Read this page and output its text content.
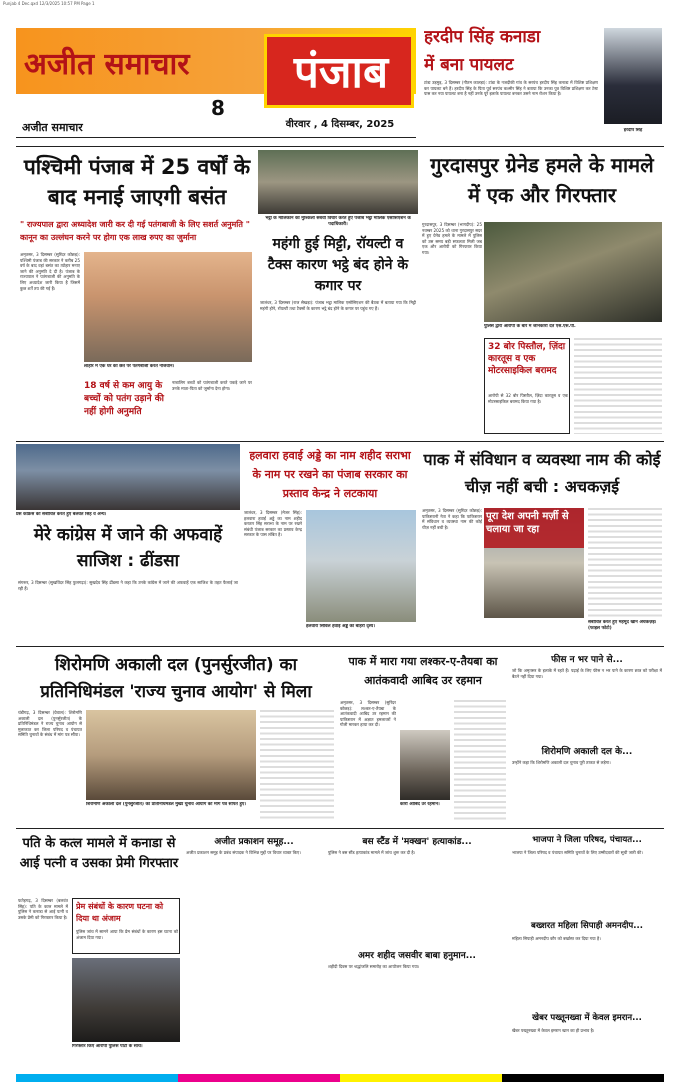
Punjab 4 Dec.qxd 12/3/2025 10:57 PM Page 1
अजीत समाचार	पंजाब
8
अजीत समाचार	वीरवार , 4 दिसम्बर, 2025
हरदीप सिंह कनाडा
में बना पायलट
टांडा उड़मुड़, 3 दिसम्बर (गौतम कालड़ा): टांडा के नजदीकी गांव के सरपंच हरदीप सिंह कनाडा में विशिष्ट प्रशिक्षण कर पायलट बने हैं। हरदीप सिंह के पिता पूर्व सरपंच कश्मीर सिंह ने बताया कि उनका पुत्र विशिष्ट प्रशिक्षण कर टेस्ट पास कर नया पायलट बना है नहीं उनके पूरे इलाके पायलट बनकर उसने नाम रोशन किया है।
हरदीप सिंह
पश्चिमी पंजाब में 25 वर्षों के बाद मनाई जाएगी बसंत
" राज्यपाल द्वारा अध्यादेश जारी कर दी गई पतंगबाजी के लिए सशर्त अनुमति " कानून का उल्लंघन करने पर होगा एक लाख रुपए का जुर्माना
अमृतसर, 3 दिसम्बर (सुरिंदर कोछड़): पश्चिमी पंजाब की सरकार ने करीब 25 वर्ष के बाद वहां बसंत का त्योहार मनाए जाने की अनुमति दे दी है। पंजाब के राज्यपाल ने पतंगबाजी की अनुमति के लिए अध्यादेश जारी किया है जिसमें कुछ शर्तें तय की गई हैं।
लाहौर में एक घर की छत पर पतंगबाजी करते नौजवान।
18 वर्ष से कम आयु के बच्चों को पतंग उड़ाने की नहीं होगी अनुमति
नाबालिग बच्चों को पतंगबाजी करते पकड़े जाने पर उनके माता-पिता को जुर्माना देना होगा।
भट्ठों के मालिकान की मुश्किलों संबंधी विचार करते हुए पंजाब भट्ठा मालिक एसोसिएशन के पदाधिकारी।
महंगी हुई मिट्टी, रॉयल्टी व टैक्स कारण भट्ठे बंद होने के कगार पर
जालंधर, 3 दिसम्बर (राज सेखड़ा): पंजाब भट्ठा मालिक एसोसिएशन की बैठक में बताया गया कि मिट्टी महंगी होने, रॉयल्टी तथा टैक्सों के कारण भट्ठे बंद होने के कगार पर पहुंच गए हैं।
गुरदासपुर ग्रेनेड हमले के मामले में एक और गिरफ्तार
गुरदासपुर, 3 दिसम्बर (भागदीप): 25 नवम्बर 2025 को थाना गुरदासपुर सदर में हुए ग्रेनेड हमले के मामले में पुलिस को उस समय बड़ी सफलता मिली जब एक और आरोपी को गिरफ्तार किया गया।
पुलिस द्वारा आरोपी के बारे में जानकारी देते एस.एस.पी.
32 बोर पिस्तौल, ज़िंदा कारतूस व एक मोटरसाइकिल बरामद
आरोपी से 32 बोर पिस्तौल, ज़िंदा कारतूस व एक मोटरसाइकिल बरामद किया गया है।
प्रैस कांफ्रेंस को संबोधित करते हुए बलवंत सिंह व अन्य।
मेरे कांग्रेस में जाने की अफवाहें साजिश : ढींडसा
संगरूर, 3 दिसम्बर (सुखविंदर सिंह फुलगढ़ा): सुखदेव सिंह ढींडसा ने कहा कि उनके कांग्रेस में जाने की अफवाहें एक साजिश के तहत फैलाई जा रही हैं।
हलवारा हवाई अड्डे का नाम शहीद सराभा के नाम पर रखने का पंजाब सरकार का प्रस्ताव केन्द्र ने लटकाया
जालंधर, 3 दिसम्बर (मेजर सिंह): हलवारा हवाई अड्डे का नाम शहीद करतार सिंह सराभा के नाम पर रखने संबंधी पंजाब सरकार का प्रस्ताव केन्द्र सरकार के पास लंबित है।
हलवारा सिविल हवाई अड्डे का बाहरी दृश्य।
पाक में संविधान व व्यवस्था नाम की कोई चीज़ नहीं बची : अचकज़ई
अमृतसर, 3 दिसम्बर (सुरिंदर कोछड़): पाकिस्तानी नेता ने कहा कि पाकिस्तान में संविधान व व्यवस्था नाम की कोई चीज़ नहीं बची है।
पूरा देश अपनी मर्ज़ी से चलाया जा रहा
संबोधित करते हुए महमूद खान अचकज़ई। (फाइल फोटो)
शिरोमणि अकाली दल (पुनर्सुरजीत) का प्रतिनिधिमंडल 'राज्य चुनाव आयोग' से मिला
चंडीगढ़, 3 दिसम्बर (ग्रेवाल): शिरोमणि अकाली दल (पुनर्सुरजीत) के प्रतिनिधिमंडल ने राज्य चुनाव आयोग से मुलाकात कर जिला परिषद व पंचायत समिति चुनावों के संबंध में मांग पत्र सौंपा।
शिरोमणि अकाली दल (पुनर्सुरजीत) का प्रतिनिधिमंडल मुख्य चुनाव आयोग को मांग पत्र सौंपते हुए।
पाक में मारा गया लश्कर-ए-तैयबा का आतंकवादी आबिद उर रहमान
अमृतसर, 3 दिसम्बर (सुरिंदर कोछड़): लश्कर-ए-तैयबा के आतंकवादी आबिद उर रहमान की पाकिस्तान में अज्ञात हमलावरों ने गोली मारकर हत्या कर दी।
कारी आबिद उर रहमान।
फीस न भर पाने से...
जो कि अमृतसर के इलाके में रहते हैं। पढ़ाई के लिए फीस न भर पाने के कारण छात्र को परीक्षा में बैठने नहीं दिया गया।
शिरोमणि अकाली दल के...
उन्होंने कहा कि शिरोमणि अकाली दल चुनाव पूरी ताकत से लड़ेगा।
पति के कत्ल मामले में कनाडा से आई पत्नी व उसका प्रेमी गिरफ्तार
फतेहगढ़, 3 दिसम्बर (बलवंत सिंह): पति के कत्ल मामले में पुलिस ने कनाडा से आई पत्नी व उसके प्रेमी को गिरफ्तार किया है।
प्रेम संबंधों के कारण घटना को दिया था अंजाम
पुलिस जांच में सामने आया कि प्रेम संबंधों के कारण इस घटना को अंजाम दिया गया।
गिरफ्तार किए आरोपी पुलिस पार्टी के साथ।
अजीत प्रकाशन समूह...
अजीत प्रकाशन समूह के प्रबंध संपादक ने विभिन्न मुद्दों पर विचार व्यक्त किए।
बस स्टैंड में 'मक्खन' हत्याकांड...
पुलिस ने बस स्टैंड हत्याकांड मामले में जांच शुरू कर दी है।
अमर शहीद जसवीर बाबा हनुमान...
शहीदी दिवस पर श्रद्धांजलि समारोह का आयोजन किया गया।
भाजपा ने जिला परिषद, पंचायत...
भाजपा ने जिला परिषद व पंचायत समिति चुनावों के लिए उम्मीदवारों की सूची जारी की।
बख्शरत महिला सिपाही अमनदीप...
महिला सिपाही अमनदीप कौर को बर्खास्त कर दिया गया है।
खेबर पख्तूनख्वा में केवल इमरान...
खैबर पख्तूनख्वा में केवल इमरान खान का ही प्रभाव है।
